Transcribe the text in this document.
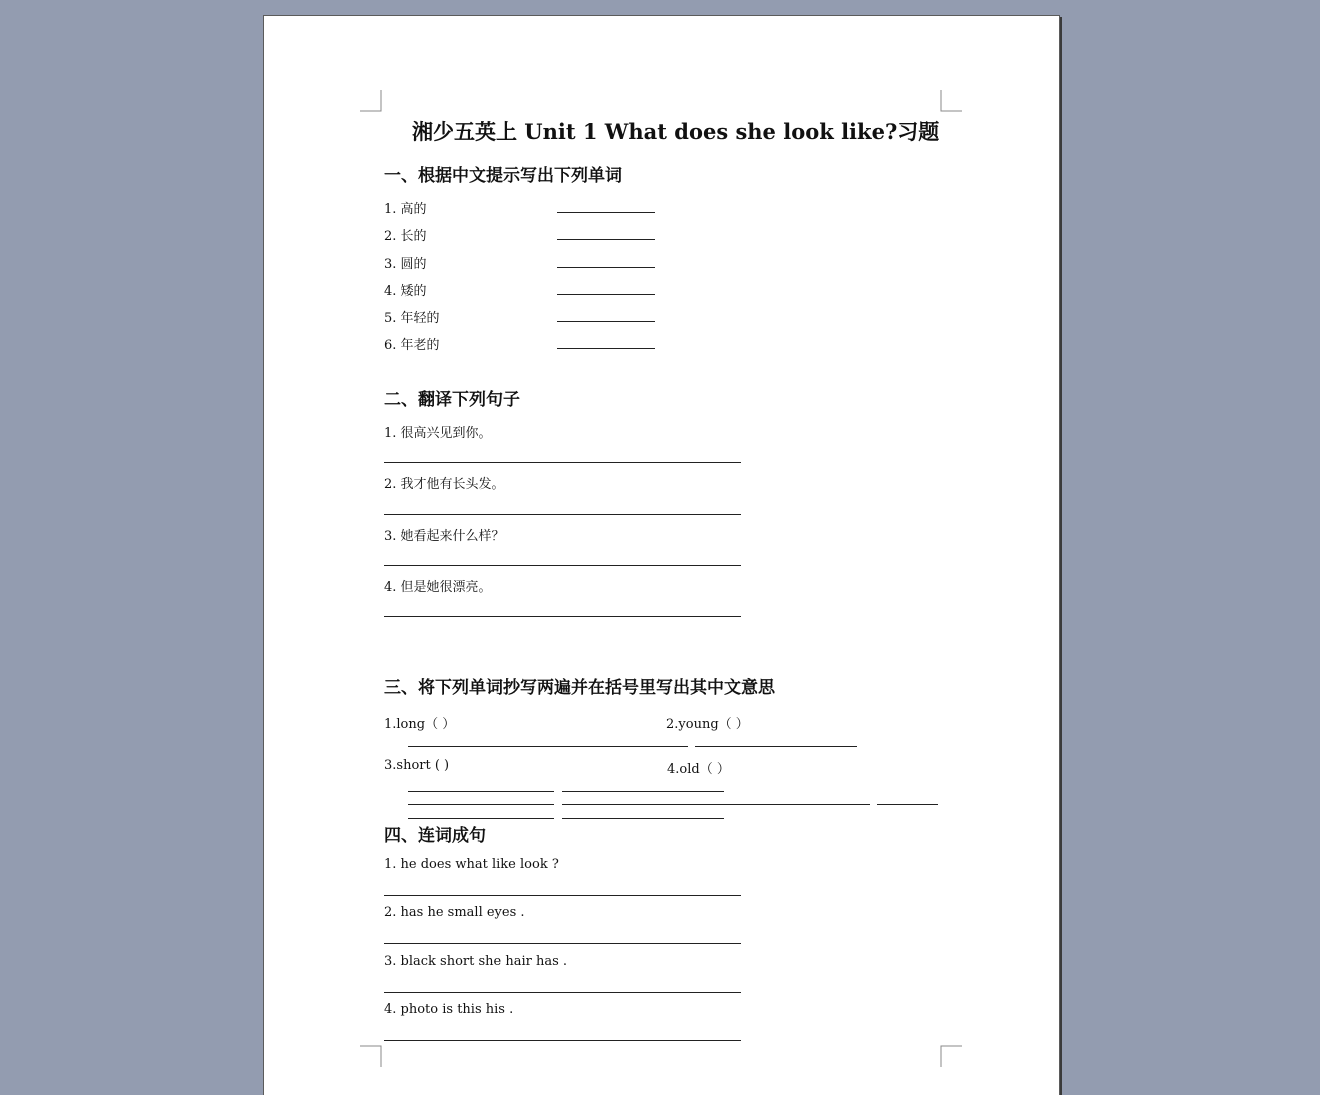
湘少五英上 Unit 1 What does she look like?习题
一、根据中文提示写出下列单词
1. 高的
2. 长的
3. 圆的
4. 矮的
5. 年轻的
6. 年老的
二、翻译下列句子
1. 很高兴见到你。
2. 我才他有长头发。
3. 她看起来什么样？
4. 但是她很漂亮。
三、将下列单词抄写两遍并在括号里写出其中文意思
1.long（ ）	2.young（ ）
3.short ( )	4.old（ ）
四、连词成句
1. he does what like look ?
2. has he small eyes .
3. black short she hair has .
4. photo is this his .
